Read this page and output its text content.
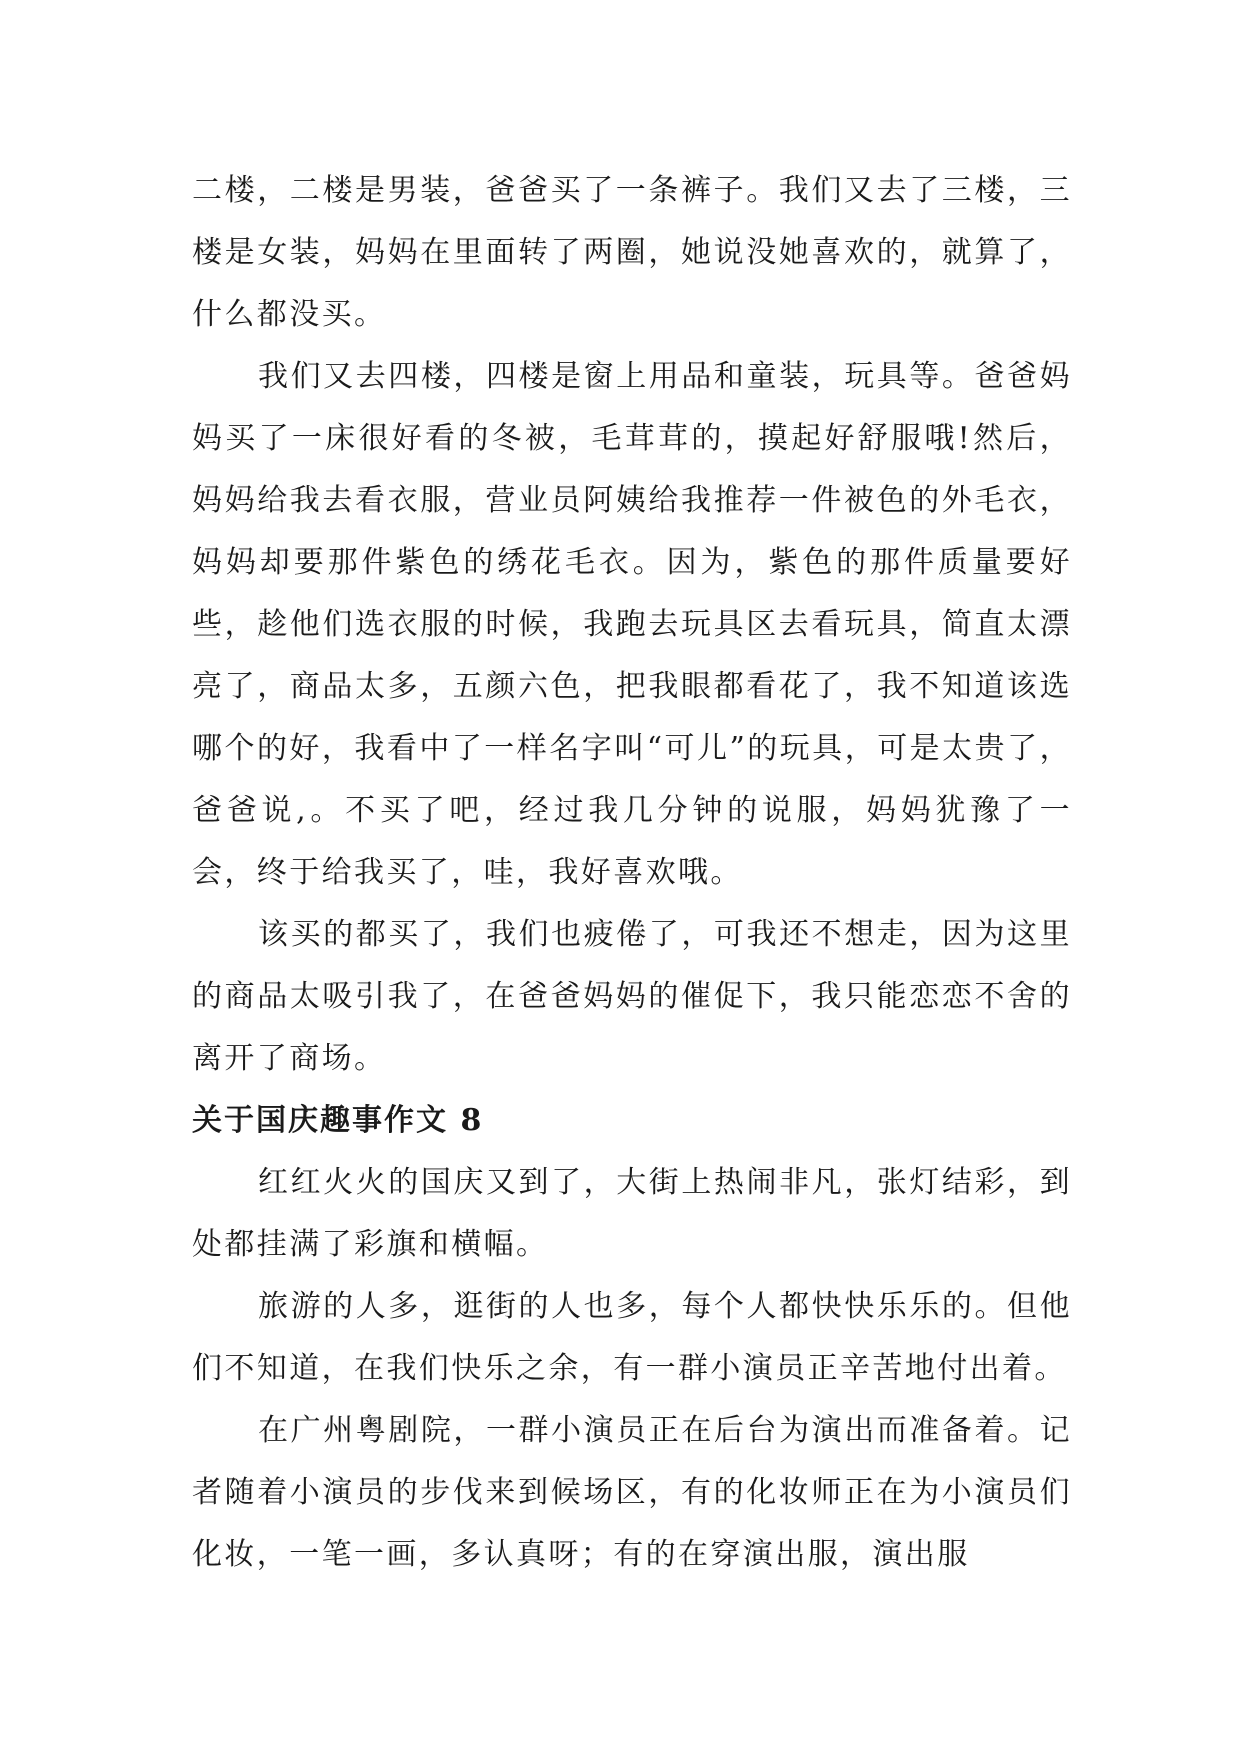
二楼，二楼是男装，爸爸买了一条裤子。我们又去了三楼，三楼是女装，妈妈在里面转了两圈，她说没她喜欢的，就算了，什么都没买。

我们又去四楼，四楼是窗上用品和童装，玩具等。爸爸妈妈买了一床很好看的冬被，毛茸茸的，摸起好舒服哦!然后，妈妈给我去看衣服，营业员阿姨给我推荐一件被色的外毛衣，妈妈却要那件紫色的绣花毛衣。因为，紫色的那件质量要好些，趁他们选衣服的时候，我跑去玩具区去看玩具，简直太漂亮了，商品太多，五颜六色，把我眼都看花了，我不知道该选哪个的好，我看中了一样名字叫“可儿”的玩具，可是太贵了，爸爸说,。不买了吧，经过我几分钟的说服，妈妈犹豫了一会，终于给我买了，哇，我好喜欢哦。

该买的都买了，我们也疲倦了，可我还不想走，因为这里的商品太吸引我了，在爸爸妈妈的催促下，我只能恋恋不舍的离开了商场。

关于国庆趣事作文 8

红红火火的国庆又到了，大街上热闹非凡，张灯结彩，到处都挂满了彩旗和横幅。

旅游的人多，逛街的人也多，每个人都快快乐乐的。但他们不知道，在我们快乐之余，有一群小演员正辛苦地付出着。

在广州粤剧院，一群小演员正在后台为演出而准备着。记者随着小演员的步伐来到候场区，有的化妆师正在为小演员们化妆，一笔一画，多认真呀；有的在穿演出服，演出服
